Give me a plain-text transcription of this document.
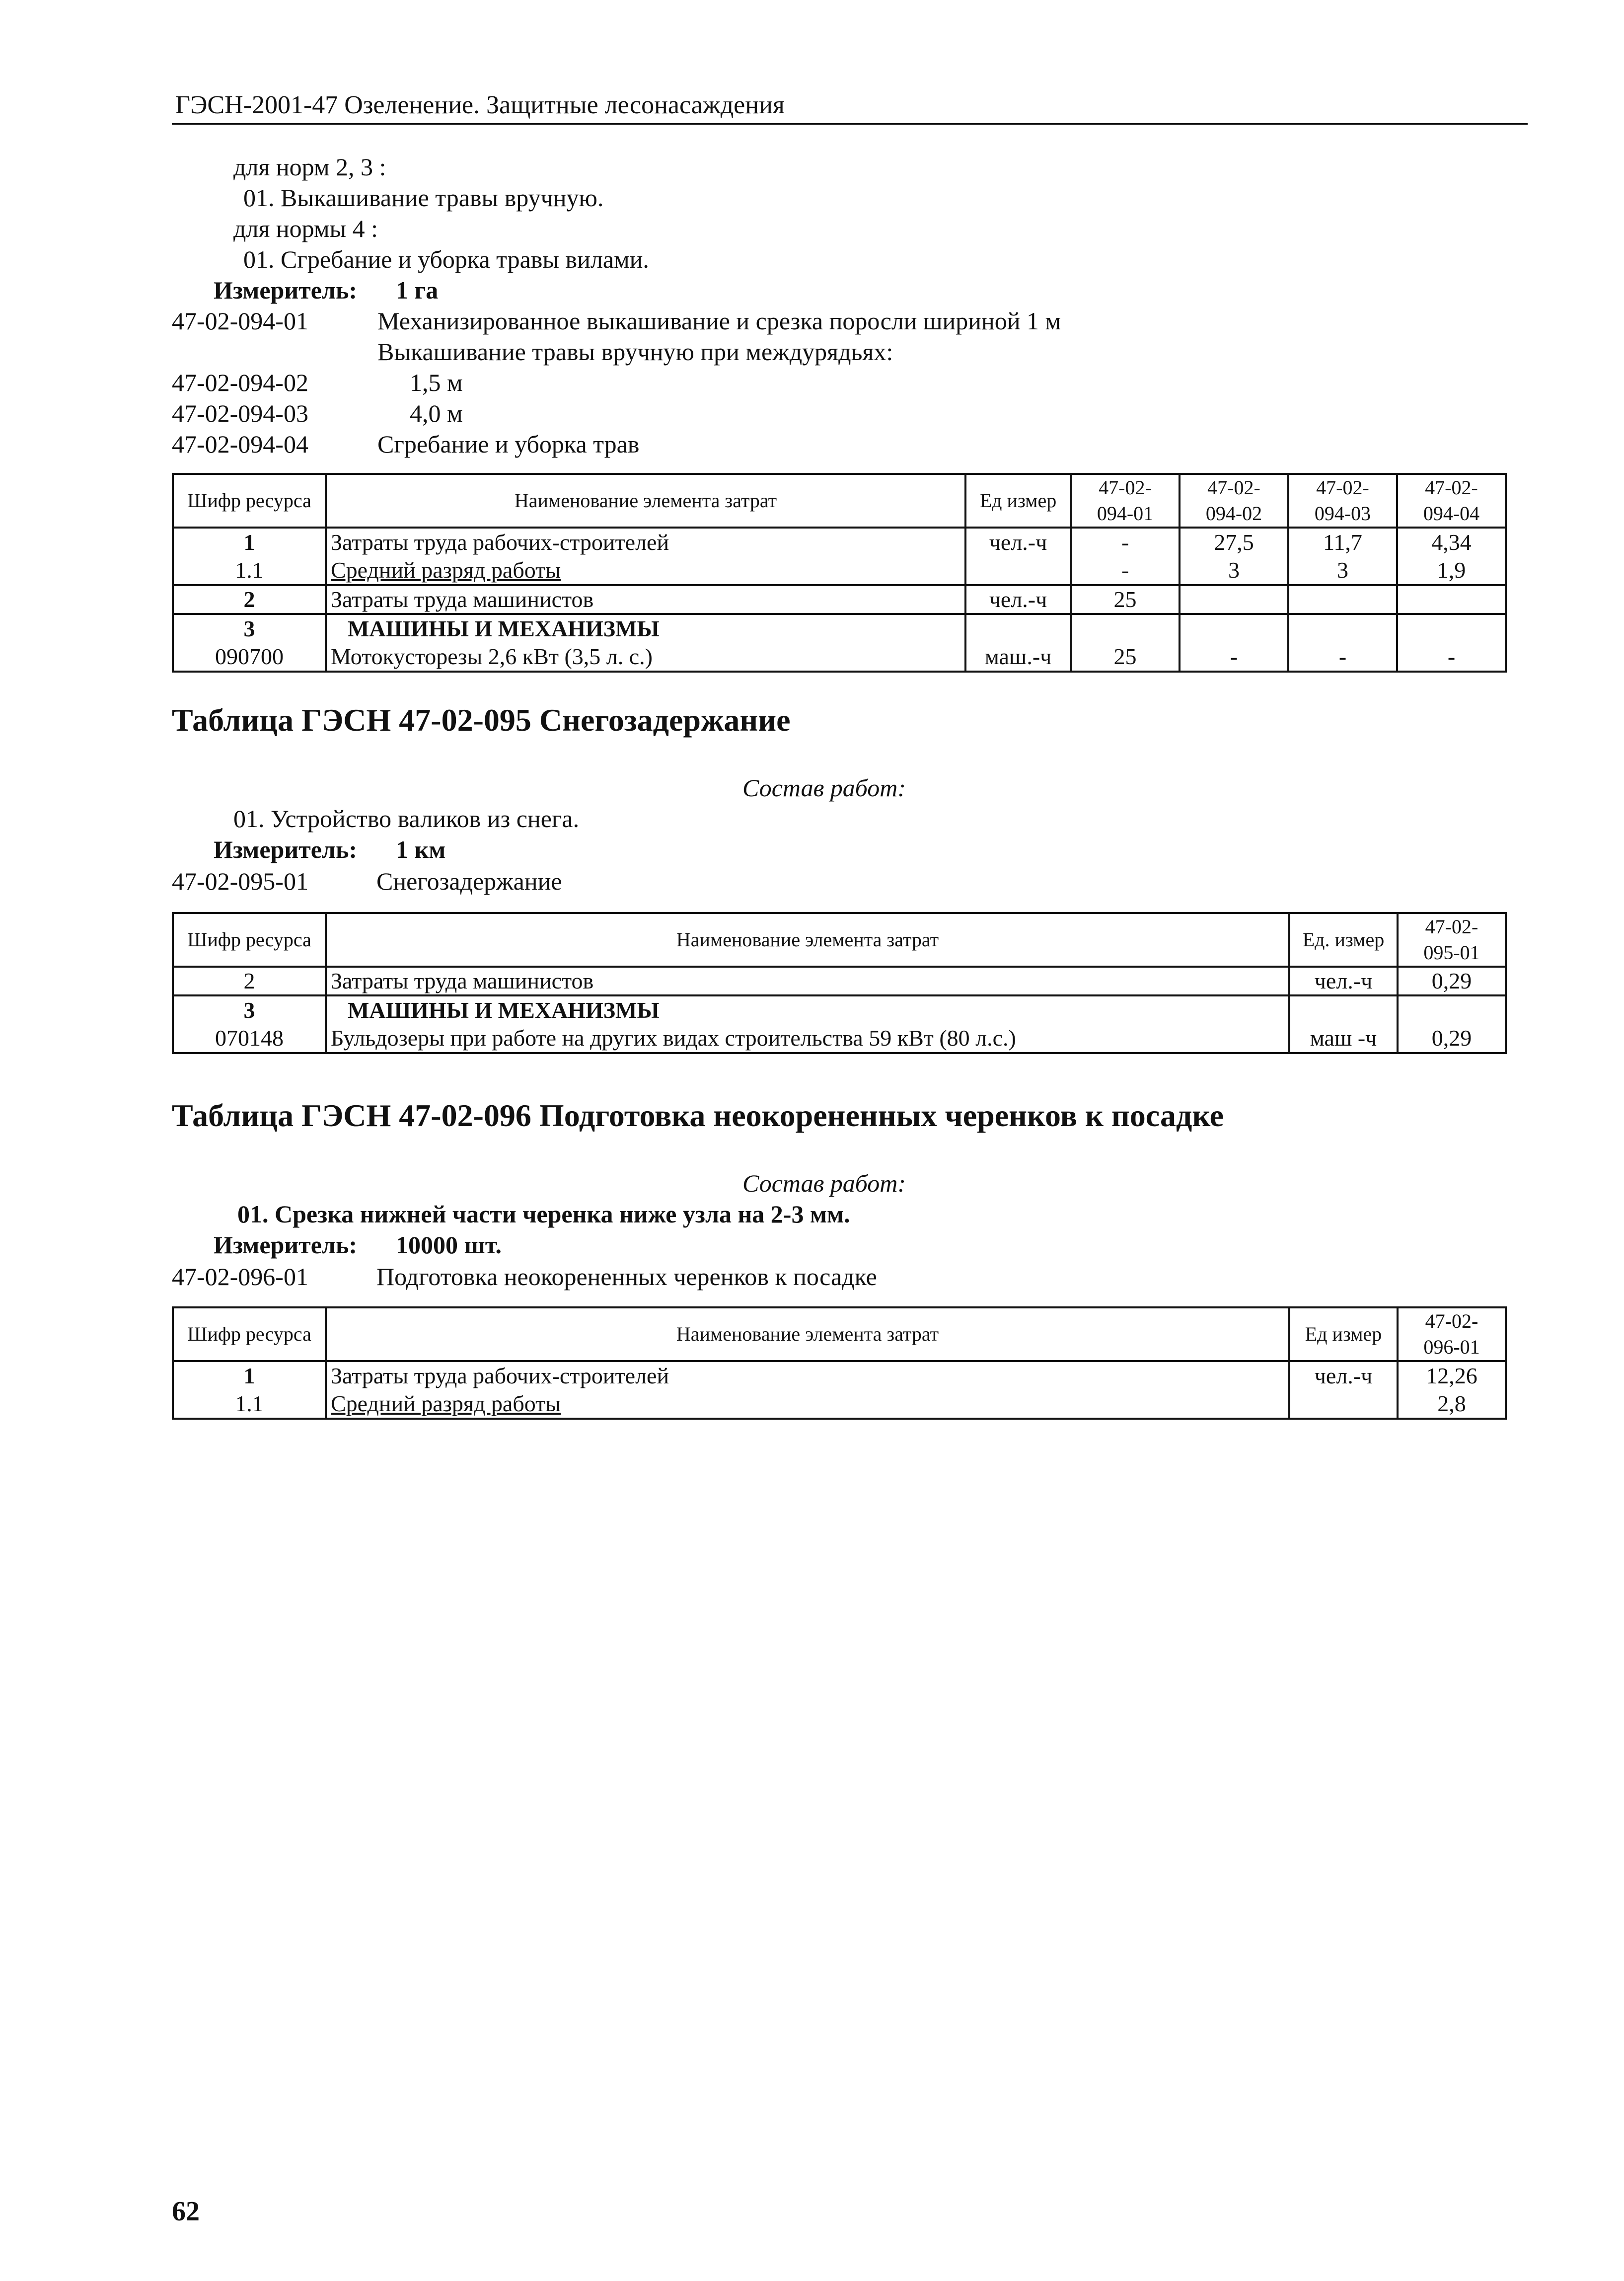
ГЭСН-2001-47 Озеленение. Защитные лесонасаждения
для норм 2, 3 :
01. Выкашивание травы вручную.
для нормы 4 :
01. Сгребание и уборка травы вилами.
Измеритель: 1 га
47-02-094-01	Механизированное выкашивание и срезка поросли шириной 1 м
Выкашивание травы вручную при междурядьях:
47-02-094-02	1,5 м
47-02-094-03	4,0 м
47-02-094-04	Сгребание и уборка трав
Шифр ресурса	Наименование элемента затрат	Ед измер	47-02-
094-01	47-02-
094-02	47-02-
094-03	47-02-
094-04
1	Затраты труда рабочих-строителей	чел.-ч	-	27,5	11,7	4,34
1.1	Средний разряд работы		-	3	3	1,9
2	Затраты труда машинистов	чел.-ч	25			
3	МАШИНЫ И МЕХАНИЗМЫ					
090700	Мотокусторезы 2,6 кВт (3,5 л. с.)	маш.-ч	25	-	-	-
Таблица ГЭСН 47-02-095 Снегозадержание
Состав работ:
01. Устройство валиков из снега.
Измеритель: 1 км
47-02-095-01	Снегозадержание
Шифр ресурса	Наименование элемента затрат	Ед. измер	47-02-
095-01
2	Затраты труда машинистов	чел.-ч	0,29
3	МАШИНЫ И МЕХАНИЗМЫ		
070148	Бульдозеры при работе на других видах строительства 59 кВт (80 л.с.)	маш -ч	0,29
Таблица ГЭСН 47-02-096 Подготовка неокорененных черенков к посадке
Состав работ:
01. Срезка нижней части черенка ниже узла на 2-3 мм.
Измеритель: 10000 шт.
47-02-096-01	Подготовка неокорененных черенков к посадке
Шифр ресурса	Наименование элемента затрат	Ед измер	47-02-
096-01
1	Затраты труда рабочих-строителей	чел.-ч	12,26
1.1	Средний разряд работы		2,8
62
